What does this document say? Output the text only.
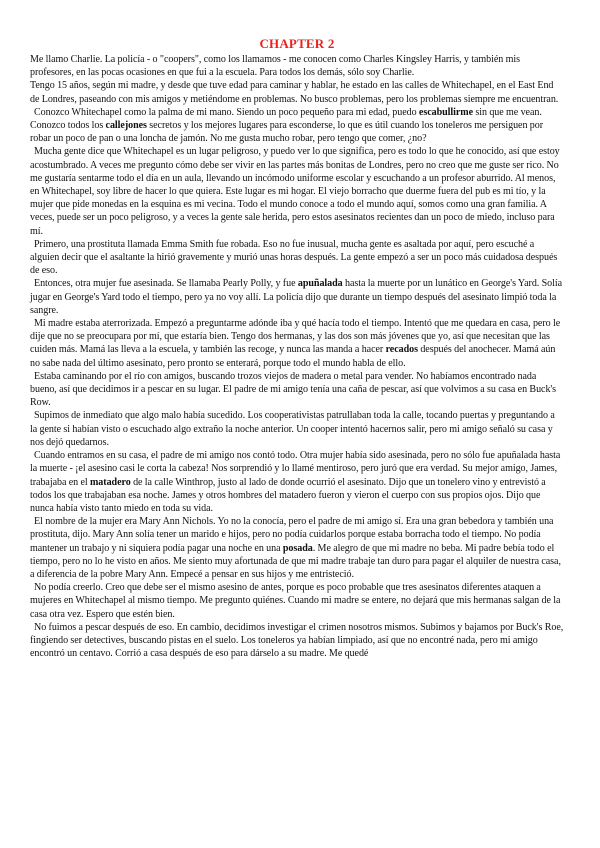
CHAPTER 2

Me llamo Charlie. La policía - o "coopers", como los llamamos - me conocen como Charles Kingsley Harris, y también mis profesores, en las pocas ocasiones en que fui a la escuela. Para todos los demás, sólo soy Charlie.

Tengo 15 años, según mi madre, y desde que tuve edad para caminar y hablar, he estado en las calles de Whitechapel, en el East End de Londres, paseando con mis amigos y metiéndome en problemas. No busco problemas, pero los problemas siempre me encuentran.

Conozco Whitechapel como la palma de mi mano. Siendo un poco pequeño para mi edad, puedo escabullirme sin que me vean. Conozco todos los callejones secretos y los mejores lugares para esconderse, lo que es útil cuando los toneleros me persiguen por robar un poco de pan o una loncha de jamón. No me gusta mucho robar, pero tengo que comer, ¿no?

Mucha gente dice que Whitechapel es un lugar peligroso, y puedo ver lo que significa, pero es todo lo que he conocido, así que estoy acostumbrado. A veces me pregunto cómo debe ser vivir en las partes más bonitas de Londres, pero no creo que me guste ser rico. No me gustaría sentarme todo el día en un aula, llevando un incómodo uniforme escolar y escuchando a un profesor aburrido. Al menos, en Whitechapel, soy libre de hacer lo que quiera. Este lugar es mi hogar. El viejo borracho que duerme fuera del pub es mi tío, y la mujer que pide monedas en la esquina es mi vecina. Todo el mundo conoce a todo el mundo aquí, somos como una gran familia. A veces, puede ser un poco peligroso, y a veces la gente sale herida, pero estos asesinatos recientes dan un poco de miedo, incluso para mí.

Primero, una prostituta llamada Emma Smith fue robada. Eso no fue inusual, mucha gente es asaltada por aquí, pero escuché a alguien decir que el asaltante la hirió gravemente y murió unas horas después. La gente empezó a ser un poco más cuidadosa después de eso.

Entonces, otra mujer fue asesinada. Se llamaba Pearly Polly, y fue apuñalada hasta la muerte por un lunático en George's Yard. Solía jugar en George's Yard todo el tiempo, pero ya no voy allí. La policía dijo que durante un tiempo después del asesinato limpió toda la sangre.

Mi madre estaba aterrorizada. Empezó a preguntarme adónde iba y qué hacía todo el tiempo. Intentó que me quedara en casa, pero le dije que no se preocupara por mí, que estaría bien. Tengo dos hermanas, y las dos son más jóvenes que yo, así que necesitan que las cuiden más. Mamá las lleva a la escuela, y también las recoge, y nunca las manda a hacer recados después del anochecer. Mamá aún no sabe nada del último asesinato, pero pronto se enterará, porque todo el mundo habla de ello.

Estaba caminando por el río con amigos, buscando trozos viejos de madera o metal para vender. No habíamos encontrado nada bueno, así que decidimos ir a pescar en su lugar. El padre de mi amigo tenía una caña de pescar, así que volvimos a su casa en Buck's Row.

Supimos de inmediato que algo malo había sucedido. Los cooperativistas patrullaban toda la calle, tocando puertas y preguntando a la gente si habían visto o escuchado algo extraño la noche anterior. Un cooper intentó hacernos salir, pero mi amigo señaló su casa y nos dejó quedarnos.

Cuando entramos en su casa, el padre de mi amigo nos contó todo. Otra mujer había sido asesinada, pero no sólo fue apuñalada hasta la muerte - ¡el asesino casi le corta la cabeza! Nos sorprendió y lo llamé mentiroso, pero juró que era verdad. Su mejor amigo, James, trabajaba en el matadero de la calle Winthrop, justo al lado de donde ocurrió el asesinato. Dijo que un tonelero vino y entrevistó a todos los que trabajaban esa noche. James y otros hombres del matadero fueron y vieron el cuerpo con sus propios ojos. Dijo que nunca había visto tanto miedo en toda su vida.

El nombre de la mujer era Mary Ann Nichols. Yo no la conocía, pero el padre de mi amigo sí. Era una gran bebedora y también una prostituta, dijo. Mary Ann solía tener un marido e hijos, pero no podía cuidarlos porque estaba borracha todo el tiempo. No podía mantener un trabajo y ni siquiera podía pagar una noche en una posada. Me alegro de que mi madre no beba. Mi padre bebía todo el tiempo, pero no lo he visto en años. Me siento muy afortunada de que mi madre trabaje tan duro para pagar el alquiler de nuestra casa, a diferencia de la pobre Mary Ann. Empecé a pensar en sus hijos y me entristeció.

No podía creerlo. Creo que debe ser el mismo asesino de antes, porque es poco probable que tres asesinatos diferentes ataquen a mujeres en Whitechapel al mismo tiempo. Me pregunto quiénes. Cuando mi madre se entere, no dejará que mis hermanas salgan de la casa otra vez. Espero que estén bien.

No fuimos a pescar después de eso. En cambio, decidimos investigar el crimen nosotros mismos. Subimos y bajamos por Buck's Roe, fingiendo ser detectives, buscando pistas en el suelo. Los toneleros ya habían limpiado, así que no encontré nada, pero mi amigo encontró un centavo. Corrió a casa después de eso para dárselo a su madre. Me quedé
